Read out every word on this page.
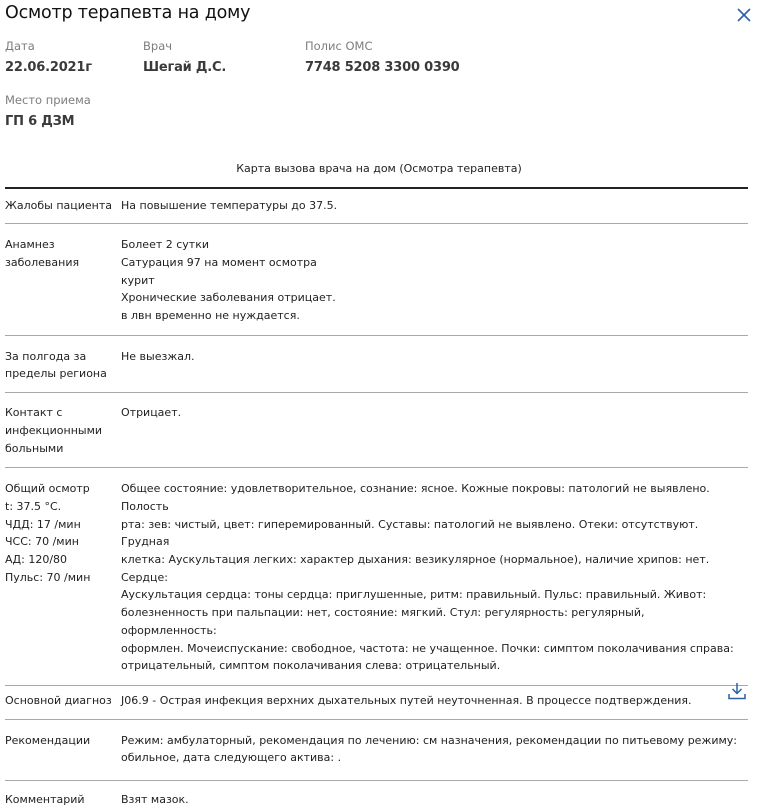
Осмотр терапевта на дому
Дата
22.06.2021г
Врач
Шегай Д.С.
Полис ОМС
7748 5208 3300 0390
Место приема
ГП 6 ДЗМ
Карта вызова врача на дом (Осмотра терапевта)
Жалобы пациента На повышение температуры до 37.5.
Анамнез
заболевания
Болеет 2 сутки
Сатурация 97 на момент осмотра
курит
Хронические заболевания отрицает.
в лвн временно не нуждается.
За полгода за
пределы региона
Не выезжал.
Контакт с
инфекционными
больными
Отрицает.
Общий осмотр
t: 37.5 °C.
ЧДД: 17 /мин
ЧСС: 70 /мин
АД: 120/80
Пульс: 70 /мин
Общее состояние: удовлетворительное, сознание: ясное. Кожные покровы: патологий не выявлено. Полость
рта: зев: чистый, цвет: гиперемированный. Суставы: патологий не выявлено. Отеки: отсутствуют. Грудная
клетка: Аускультация легких: характер дыхания: везикулярное (нормальное), наличие хрипов: нет. Сердце:
Аускультация сердца: тоны сердца: приглушенные, ритм: правильный. Пульс: правильный. Живот:
болезненность при пальпации: нет, состояние: мягкий. Стул: регулярность: регулярный, оформленность:
оформлен. Мочеиспускание: свободное, частота: не учащенное. Почки: симптом поколачивания справа:
отрицательный, симптом поколачивания слева: отрицательный.
Основной диагноз J06.9 - Острая инфекция верхних дыхательных путей неуточненная. В процессе подтверждения.
Рекомендации	Режим: амбулаторный, рекомендация по лечению: см назначения, рекомендации по питьевому режиму:
обильное, дата следующего актива: .
Комментарий	Взят мазок.
